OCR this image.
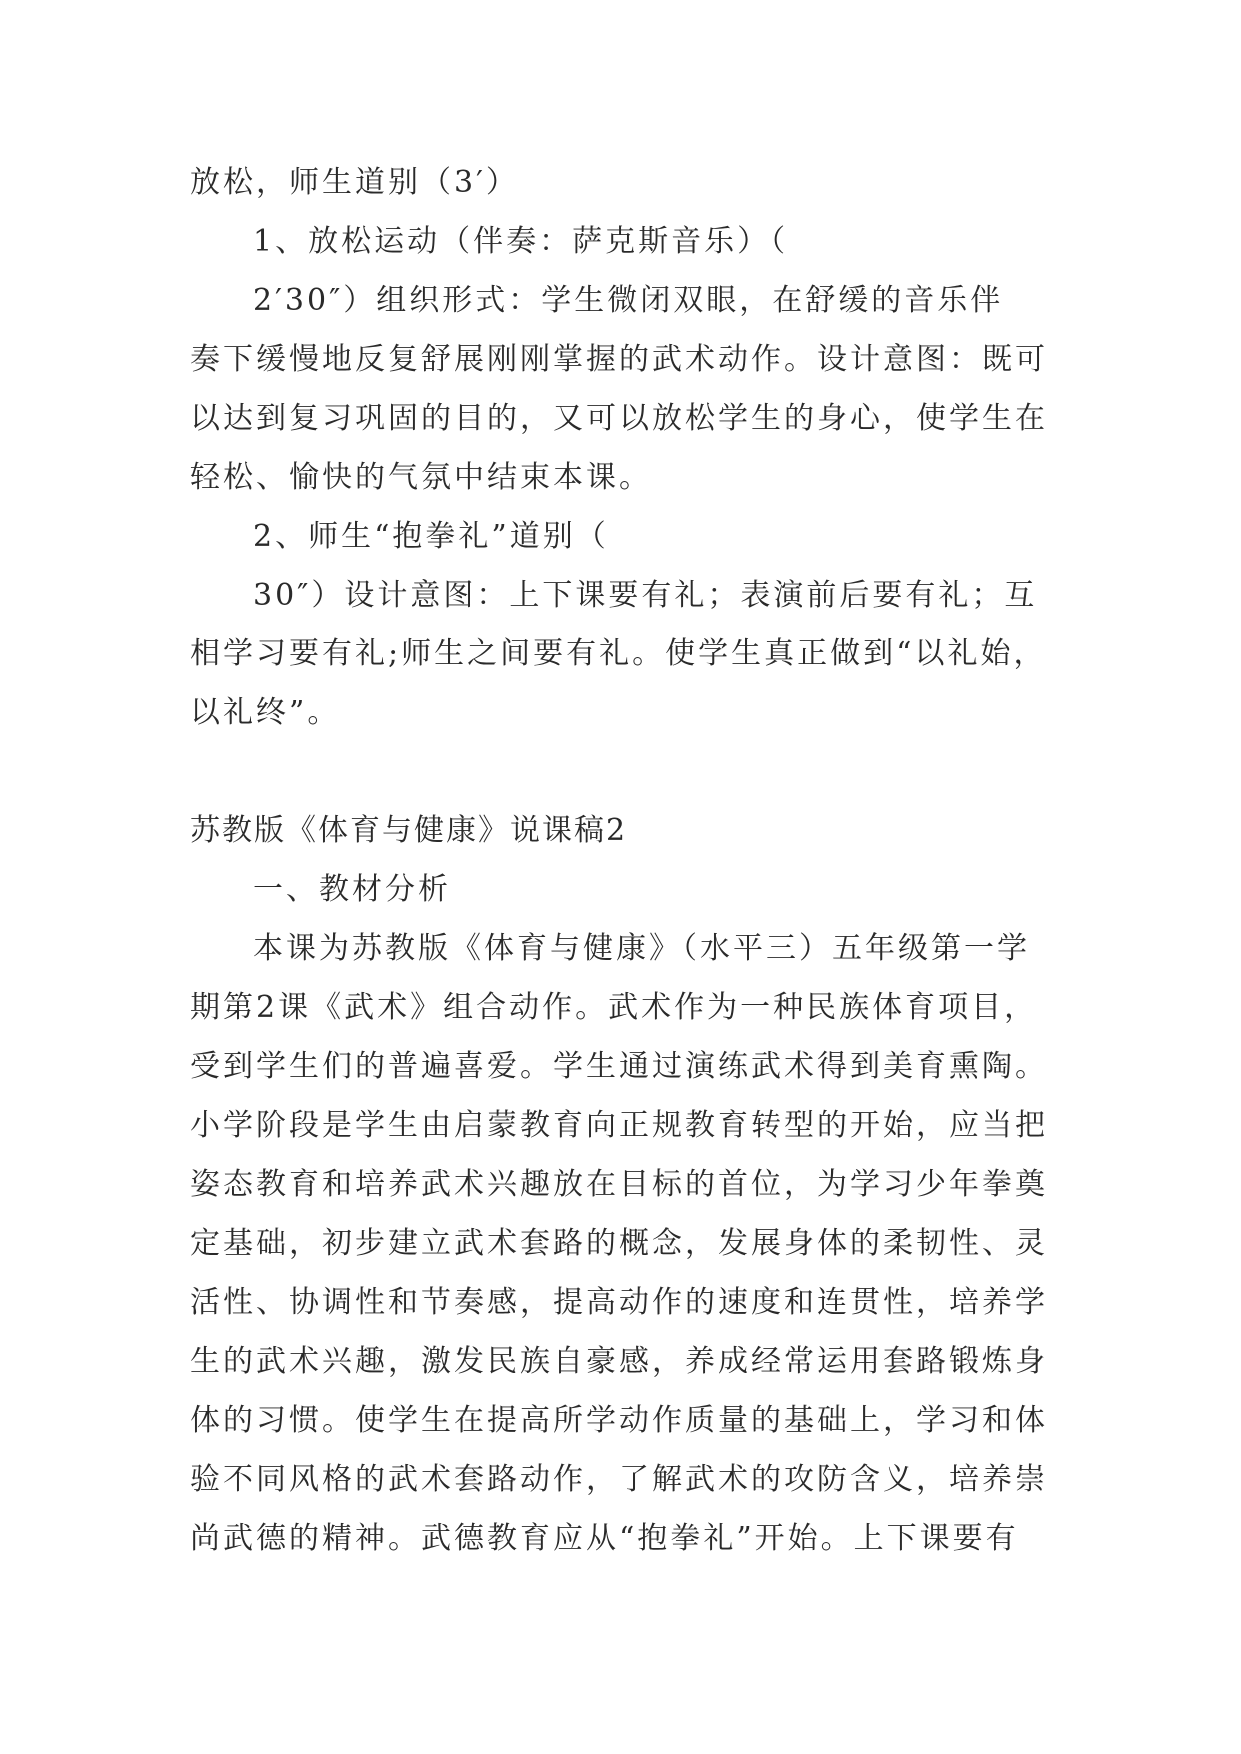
放松，师生道别（3′）
1、放松运动（伴奏：萨克斯音乐）（
2′30″）组织形式：学生微闭双眼，在舒缓的音乐伴
奏下缓慢地反复舒展刚刚掌握的武术动作。设计意图：既可
以达到复习巩固的目的，又可以放松学生的身心，使学生在
轻松、愉快的气氛中结束本课。
2、师生“抱拳礼”道别（
30″）设计意图：上下课要有礼；表演前后要有礼；互
相学习要有礼;师生之间要有礼。使学生真正做到“以礼始，
以礼终”。
苏教版《体育与健康》说课稿2
一、教材分析
本课为苏教版《体育与健康》（水平三）五年级第一学
期第2课《武术》组合动作。武术作为一种民族体育项目，
受到学生们的普遍喜爱。学生通过演练武术得到美育熏陶。
小学阶段是学生由启蒙教育向正规教育转型的开始，应当把
姿态教育和培养武术兴趣放在目标的首位，为学习少年拳奠
定基础，初步建立武术套路的概念，发展身体的柔韧性、灵
活性、协调性和节奏感，提高动作的速度和连贯性，培养学
生的武术兴趣，激发民族自豪感，养成经常运用套路锻炼身
体的习惯。使学生在提高所学动作质量的基础上，学习和体
验不同风格的武术套路动作，了解武术的攻防含义，培养崇
尚武德的精神。武德教育应从“抱拳礼”开始。上下课要有
